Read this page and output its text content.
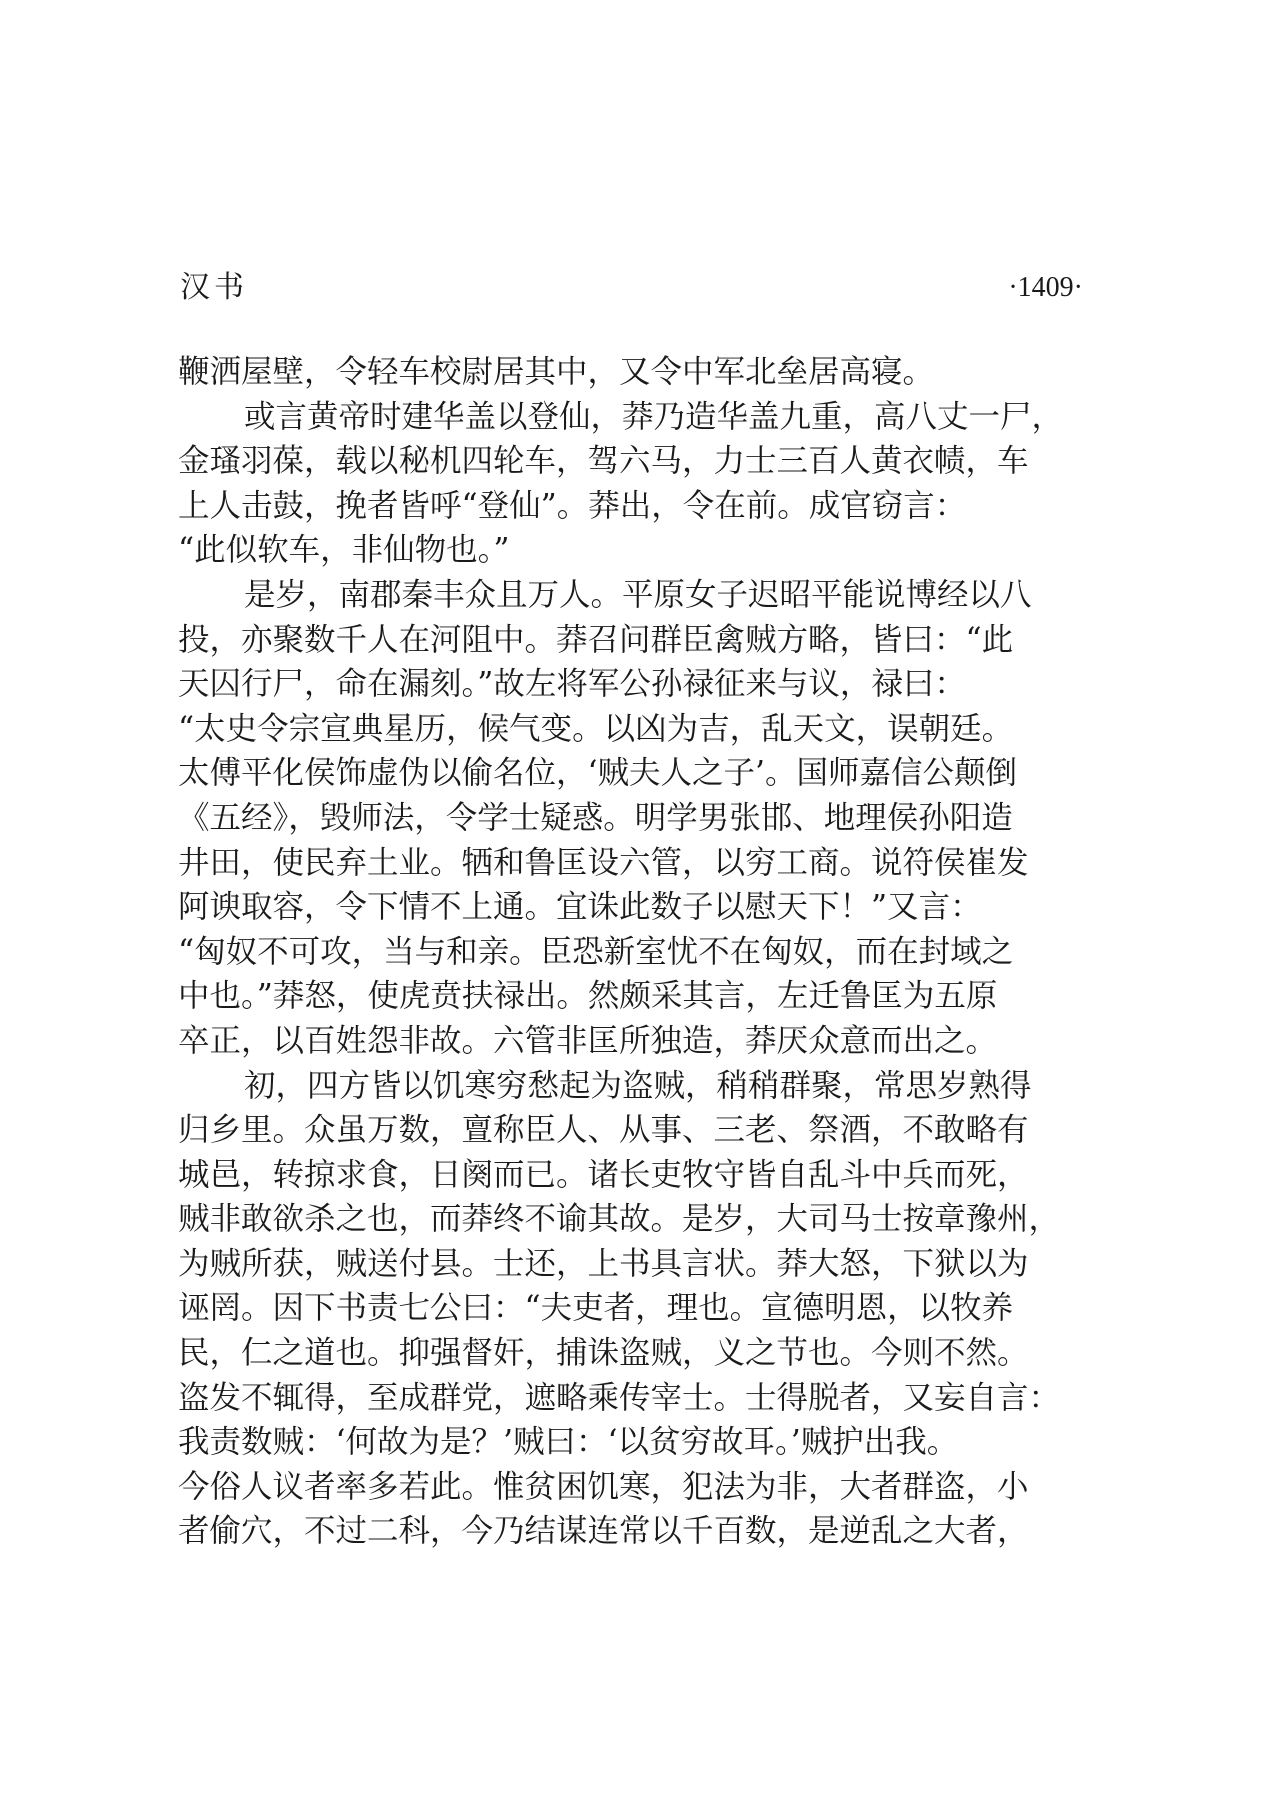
汉书	·1409·
鞭洒屋壁，令轻车校尉居其中，又令中军北垒居高寝。
或言黄帝时建华盖以登仙，莽乃造华盖九重，高八丈一尸，
金瑵羽葆，载以秘机四轮车，驾六马，力士三百人黄衣帻，车
上人击鼓，挽者皆呼“登仙”。莽出，令在前。成官窃言：
“此似软车，非仙物也。”
是岁，南郡秦丰众且万人。平原女子迟昭平能说博经以八
投，亦聚数千人在河阻中。莽召问群臣禽贼方略，皆曰：“此
天囚行尸，命在漏刻。”故左将军公孙禄征来与议，禄曰：
“太史令宗宣典星历，候气变。以凶为吉，乱天文，误朝廷。
太傅平化侯饰虚伪以偷名位，‘贼夫人之子’。国师嘉信公颠倒
《五经》，毁师法，令学士疑惑。明学男张邯、地理侯孙阳造
井田，使民弃土业。牺和鲁匡设六管，以穷工商。说符侯崔发
阿谀取容，令下情不上通。宜诛此数子以慰天下！”又言：
“匈奴不可攻，当与和亲。臣恐新室忧不在匈奴，而在封域之
中也。”莽怒，使虎贲扶禄出。然颇采其言，左迁鲁匡为五原
卒正，以百姓怨非故。六管非匡所独造，莽厌众意而出之。
初，四方皆以饥寒穷愁起为盗贼，稍稍群聚，常思岁熟得
归乡里。众虽万数，亶称臣人、从事、三老、祭酒，不敢略有
城邑，转掠求食，日阕而已。诸长吏牧守皆自乱斗中兵而死，
贼非敢欲杀之也，而莽终不谕其故。是岁，大司马士按章豫州，
为贼所获，贼送付县。士还，上书具言状。莽大怒，下狱以为
诬罔。因下书责七公曰：“夫吏者，理也。宣德明恩，以牧养
民，仁之道也。抑强督奸，捕诛盗贼，义之节也。今则不然。
盗发不辄得，至成群党，遮略乘传宰士。士得脱者，又妄自言：
我责数贼：‘何故为是？’贼曰：‘以贫穷故耳。’贼护出我。
今俗人议者率多若此。惟贫困饥寒，犯法为非，大者群盗，小
者偷穴，不过二科，今乃结谋连常以千百数，是逆乱之大者，
